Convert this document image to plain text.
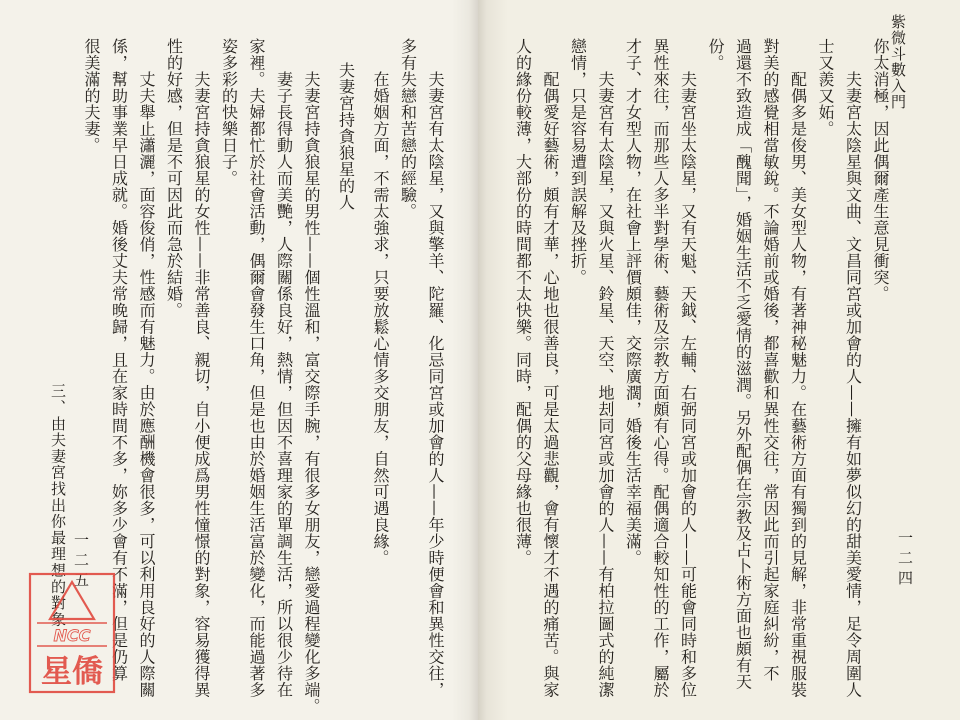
紫微斗數入門
一二四
你太消極，因此偶爾產生意見衝突。
夫妻宮太陰星與文曲、文昌同宮或加會的人——擁有如夢似幻的甜美愛情，足令周圍人
士又羨又妬。
配偶多是俊男、美女型人物，有著神秘魅力。在藝術方面有獨到的見解，非常重視服裝
對美的感覺相當敏銳。不論婚前或婚後，都喜歡和異性交往，常因此而引起家庭糾紛，不
過還不致造成「醜聞」，婚姻生活不乏愛情的滋潤。另外配偶在宗教及占卜術方面也頗有天
份。
夫妻宮坐太陰星，又有天魁、天鉞、左輔、右弼同宮或加會的人——可能會同時和多位
異性來往，而那些人多半對學術、藝術及宗教方面頗有心得。配偶適合較知性的工作，屬於
才子、才女型人物，在社會上評價頗佳，交際廣濶，婚後生活幸福美滿。
夫妻宮有太陰星，又與火星、鈴星、天空、地刦同宮或加會的人——有柏拉圖式的純潔
戀情，只是容易遭到誤解及挫折。
配偶愛好藝術，頗有才華，心地也很善良，可是太過悲觀，會有懷才不遇的痛苦。與家
人的緣份較薄，大部份的時間都不太快樂。同時，配偶的父母緣也很薄。
夫妻宮有太陰星，又與擎羊、陀羅、化忌同宮或加會的人——年少時便會和異性交往，
多有失戀和苦戀的經驗。
在婚姻方面，不需太強求，只要放鬆心情多交朋友，自然可遇良緣。
夫妻宮持貪狼星的人
夫妻宮持貪狼星的男性——個性溫和，富交際手腕，有很多女朋友，戀愛過程變化多端。
妻子長得動人而美艷，人際關係良好，熱情，但因不喜理家的單調生活，所以很少待在
家裡。夫婦都忙於社會活動，偶爾會發生口角，但是也由於婚姻生活富於變化，而能過著多
姿多彩的快樂日子。
夫妻宮持貪狼星的女性——非常善良、親切，自小便成爲男性憧憬的對象，容易獲得異
性的好感，但是不可因此而急於結婚。
丈夫舉止瀟灑，面容俊俏，性感而有魅力。由於應酬機會很多，可以利用良好的人際關
係，幫助事業早日成就。婚後丈夫常晚歸，且在家時間不多，妳多少會有不滿，但是仍算
很美滿的夫妻。
三、由夫妻宮找出你最理想的對象 一二五
NCC
星僑
